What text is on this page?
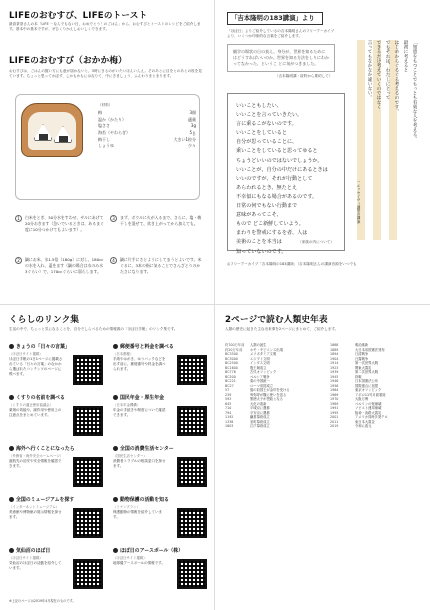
LIFEのおむすび、LIFEのトースト
最高茶茶さんの本「LIFE －なんでもない日、おめでとう！のごはん」から、おむすびとトーストのレシピをご紹介します。基本中の基本ですが、ぜひくりかえしおいしくできます。
LIFEのおむすび（おかか梅）
おむすびは、ごはんの握い方にも意が届かないと、3時にきるのがいたいほんいんえ。そのあとに目をとのあとの枚を見ています。ちょっと思ってかぼず、しかもかもにはなりて、中にきましょう、ふんわりまとまります。
（材料）
梅	3個
温か（かたり）	適量
塩ささ	3g
海苔（やわらぎ）	5ｇ
梅干し	大きい1粒分
しょうゆ	少々
1	白米をとぎ、30分水をすわせ、ザルにあげて20分おきます（急いでいるときは、あるまぐ度に10分つかけてもよいます）。
3	まず、ボウルに火が入るまで、さらに、塩・梅干しを混ぜて、炊き上がってから加えても。
2	鍋にお米、水1.5倍（180g）に対し、180ccの水を入れ、蓋をます（鍋の場合は水のみ水3ぐらい）で、170ccぐらいに弱らします。
4	鍋に片手にさとようにしてまうとよいです。米ぐるに、3本の指に気ることでさんざとりのかたさになります。
「吉本隆明の183講演」より
「ほぼ日」よりご紹介しているの吉本隆明さんのフリーアーカイブより、いくつか印象的な言葉をご紹介します。
観学の場状の日の表え、身分が、世界を知るためにはどうすればいいのか。世界を知る方法をしりにわかってなかった、というこ とに気がつきました。
（吉本隆明講・抜粋から要約して）
いいこともしたい、
いいことを言っていきたい。
言に乗るこがないのです。
いいことをしていると
自分が思っていることに、
乗いことをしていると思ってゆると
ちょうどいいのではないでしょうか。
いいことが、自分の中だけにあるときは
いいのですが、それが行動として
あらわれるとき、無たとえ
不幸似にもなる場合があるのです。
日常の何でもない行動まで
意味があってこそ、
もので どこ新鮮していよう。
まわりを警戒にするを者、人は
美術のことを本当は
知っていないのです。
（家族の内について）
「知恵をもつことでもっとも有効な人を考える。
最初に考えると
はじめからぐるぐる考えるのです。
でもそれは、わたしにとって
できるだけ考えていくのではなく
言ってもなかなか違いない。
一エッセイヴィ講堂の講演
◎フリーアーカイブ「吉本隆明の183講演」（吉本隆明さんの講演音源をいつでも
くらしのリンク集
生活の中で、ちょっと気になることを、自分でしらべるための情報源の「ほぼ日手帳」のリンク集です。
きょうの「日々の言葉」
（ほぼ日サイト掲載）
ほぼ日手帳の1日1ページに掲載されている「日々の言葉」のなかから選ばれたコンテンツのページに飛べます。
郵便番号と料金を調べる
（日本郵便）
手紙やはがき、ゆうパックなどを出す前に、郵便番号や料金を調べられます。
くすりの名前を調べる
（くすりの適正使用協議会）
薬剤の効能や、副作用や使用上の注意点をまとめています。
国民年金・厚生年金
（日本年金機構）
年金の手続きや制度について確認できます。
海外へ行くことになったら
（外務省・海外安全ホームページ）
渡航先の治安や安全情報を確認できます。
全国の消費生活センター
（国民生活センター）
消費者トラブルの相談窓口を探せます。
全国のミュージアムを探す
（インターネットミュージアム）
美術館や博物館の展示情報を探せます。
動物保護の活動を知る
（ミナンプラン）
保護動物の情報を紹介しています。
気仙沼のほぼ日
（ほぼ日サイト掲載）
気仙沼のほぼ日の活動を紹介しています。
ほぼ日のアースボール（株）
（ほぼ日サイト掲載）
地球儀アースボールの情報です。
※上記のページは2019年4月現在のものです。
2ページで読む人類史年表
人類の歴史に起きた主な出来事を2ページにまとめて、ご紹介します。
約700万年前	人類の誕生
約20万年前	ホモ・サピエンス出現
BC3500	メソポタミア文明
BC3000	エジプト文明
BC2500	インダス文明
BC1600	殷王朝成立
BC776	古代オリンピック
BC500	ペルシア戦争
BC221	秦の中国統一
BC27	ローマ帝国成立
57	倭の奴国王が金印を受ける
239	卑弥呼が魏に使いを送る
593	聖徳太子が摂政となる
645	大化の改新
710	平城京に遷都
794	平安京に遷都
1192	鎌倉幕府成立
1338	室町幕府成立
1603	江戸幕府成立
1868	明治維新
1889	大日本帝国憲法発布
1894	日清戦争
1904	日露戦争
1914	第一次世界大戦
1923	関東大震災
1939	第二次世界大戦
1945	終戦
1946	日本国憲法公布
1956	国際連合に加盟
1964	東京オリンピック
1969	アポロ11号月面着陸
1970	大阪万博
1989	ベルリンの壁崩壊
1991	ソビエト連邦崩壊
1995	阪神・淡路大震災
2001	アメリカ同時多発テロ
2011	東日本大震災
2019	令和に改元
